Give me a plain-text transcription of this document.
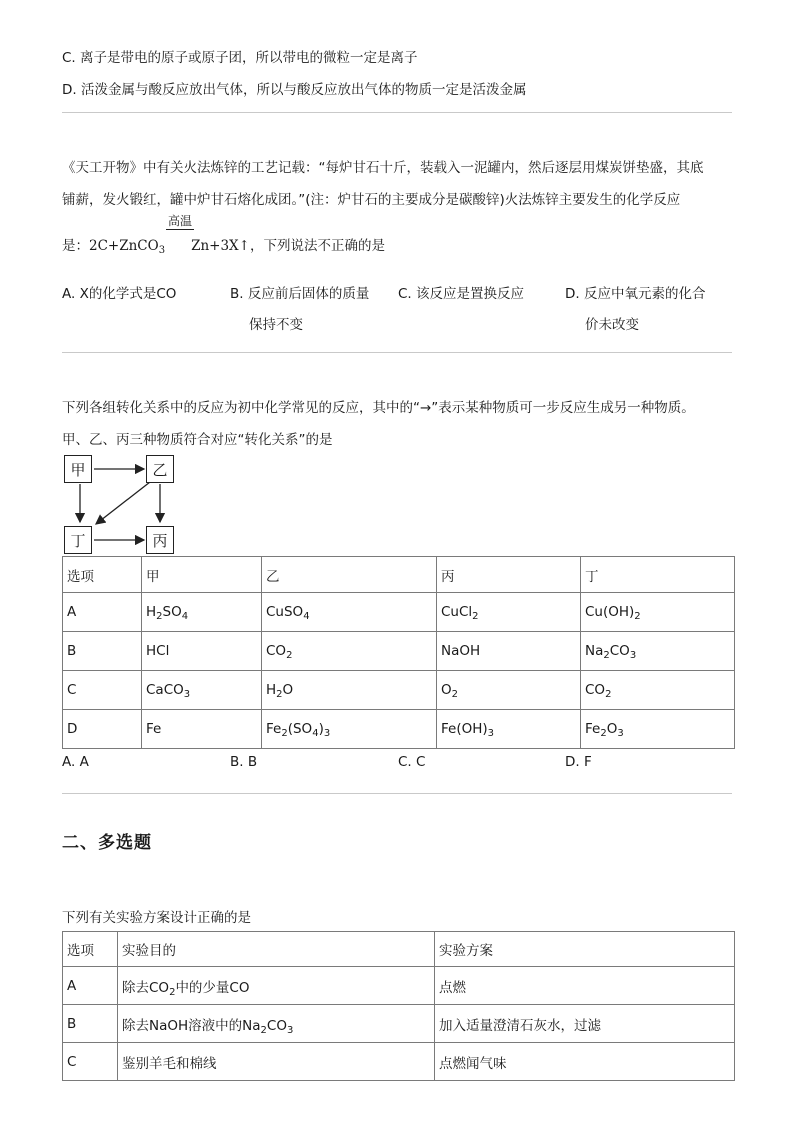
C. 离子是带电的原子或原子团，所以带电的微粒一定是离子
D. 活泼金属与酸反应放出气体，所以与酸反应放出气体的物质一定是活泼金属
《天工开物》中有关火法炼锌的工艺记载：“每炉甘石十斤，装载入一泥罐内，然后逐层用煤炭饼垫盛，其底
铺薪，发火锻红，罐中炉甘石熔化成团。”(注：炉甘石的主要成分是碳酸锌)火法炼锌主要发生的化学反应
高温
是：2C+ZnCO$_3$ Zn+3X↑，下列说法不正确的是
A. X的化学式是CO	B. 反应前后固体的质量
保持不变
C. 该反应是置换反应	D. 反应中氧元素的化合
价未改变
下列各组转化关系中的反应为初中化学常见的反应，其中的“→”表示某种物质可一步反应生成另一种物质。
甲、乙、丙三种物质符合对应“转化关系”的是
甲	乙
丁	丙
选项	甲	乙	丙	丁
A	$H_2SO_4$	CuSO$_4$	CuCl$_2$	$Cu(OH)_2$
B	HCl	$CO_2$	NaOH	$Na_2CO_3$
C	CaCO$_3$	$H_2O$	$O_2$	$CO_2$
D	Fe	$Fe_2(SO_4)_3$	$Fe(OH)_3$	$Fe_2O_3$
A. A	B. B	C. C	D. F
二、多选题
下列有关实验方案设计正确的是
选项	实验目的	实验方案
A	除去$CO_2$中的少量CO	点燃
B	除去NaOH溶液中的$Na_2CO_3$	加入适量澄清石灰水，过滤
C	鉴别羊毛和棉线	点燃闻气味
